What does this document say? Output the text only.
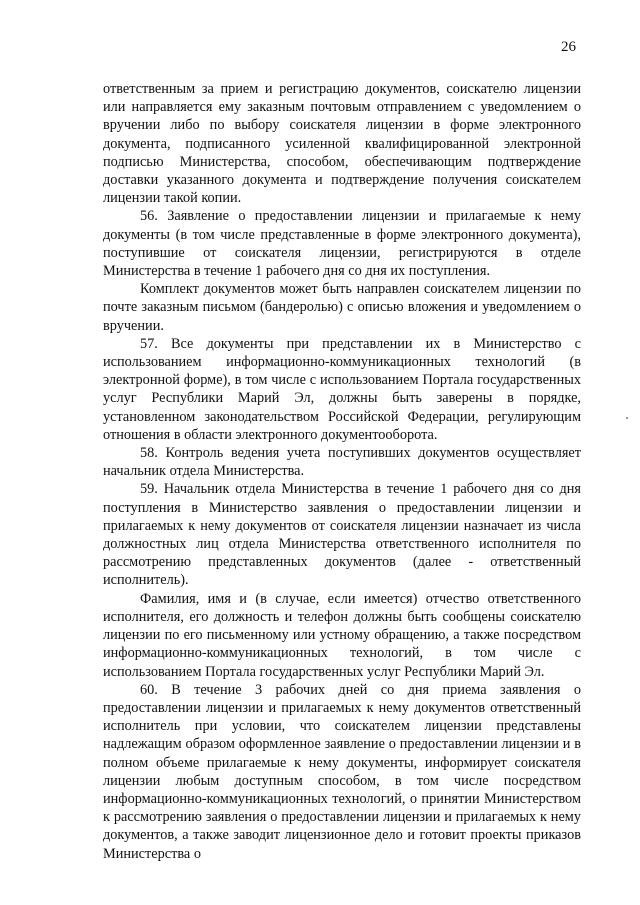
26

ответственным за прием и регистрацию документов, соискателю лицензии или направляется ему заказным почтовым отправлением с уведомлением о вручении либо по выбору соискателя лицензии в форме электронного документа, подписанного усиленной квалифицированной электронной подписью Министерства, способом, обеспечивающим подтверждение доставки указанного документа и подтверждение получения соискателем лицензии такой копии.

56. Заявление о предоставлении лицензии и прилагаемые к нему документы (в том числе представленные в форме электронного документа), поступившие от соискателя лицензии, регистрируются в отделе Министерства в течение 1 рабочего дня со дня их поступления.

Комплект документов может быть направлен соискателем лицензии по почте заказным письмом (бандеролью) с описью вложения и уведомлением о вручении.

57. Все документы при представлении их в Министерство с использованием информационно-коммуникационных технологий (в электронной форме), в том числе с использованием Портала государственных услуг Республики Марий Эл, должны быть заверены в порядке, установленном законодательством Российской Федерации, регулирующим отношения в области электронного документооборота.

58. Контроль ведения учета поступивших документов осуществляет начальник отдела Министерства.

59. Начальник отдела Министерства в течение 1 рабочего дня со дня поступления в Министерство заявления о предоставлении лицензии и прилагаемых к нему документов от соискателя лицензии назначает из числа должностных лиц отдела Министерства ответственного исполнителя по рассмотрению представленных документов (далее - ответственный исполнитель).

Фамилия, имя и (в случае, если имеется) отчество ответственного исполнителя, его должность и телефон должны быть сообщены соискателю лицензии по его письменному или устному обращению, а также посредством информационно-коммуникационных технологий, в том числе с использованием Портала государственных услуг Республики Марий Эл.

60. В течение 3 рабочих дней со дня приема заявления о предоставлении лицензии и прилагаемых к нему документов ответственный исполнитель при условии, что соискателем лицензии представлены надлежащим образом оформленное заявление о предоставлении лицензии и в полном объеме прилагаемые к нему документы, информирует соискателя лицензии любым доступным способом, в том числе посредством информационно-коммуникационных технологий, о принятии Министерством к рассмотрению заявления о предоставлении лицензии и прилагаемых к нему документов, а также заводит лицензионное дело и готовит проекты приказов Министерства о
